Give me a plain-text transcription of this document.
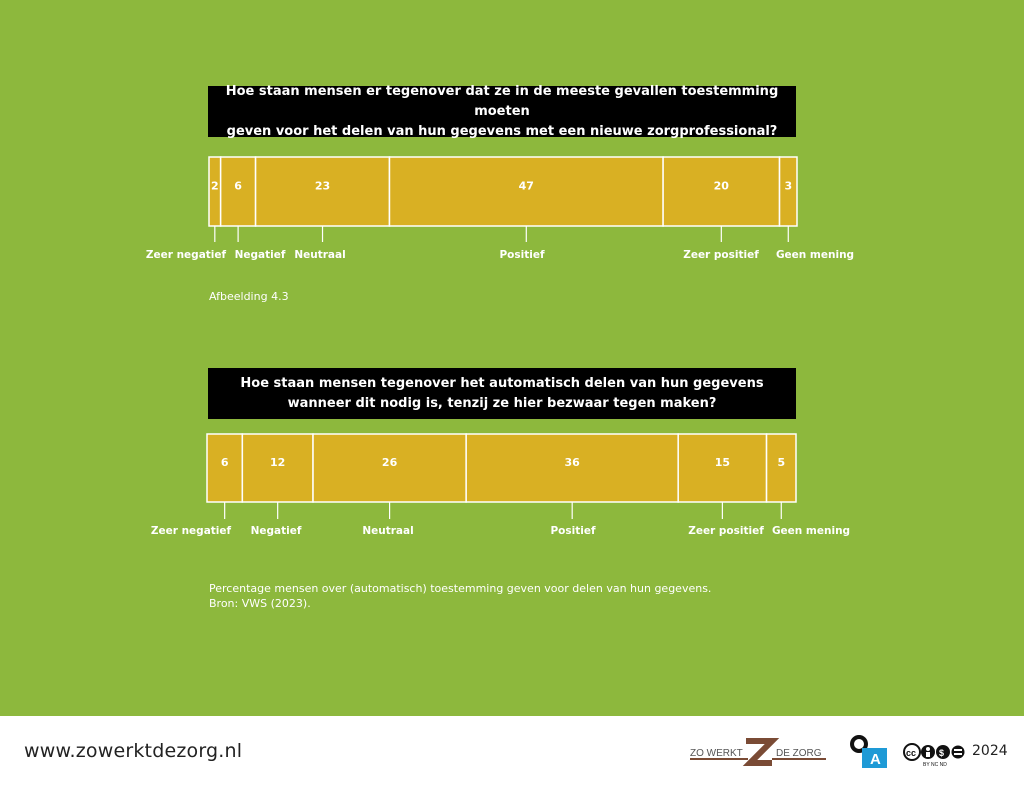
Hoe staan mensen er tegenover dat ze in de meeste gevallen toestemming moeten
geven voor het delen van hun gegevens met een nieuwe zorgprofessional?
2
Zeer negatief
6
Negatief
23
Neutraal
47
Positief
20
Zeer positief
3
Geen mening
Afbeelding 4.3
Hoe staan mensen tegenover het automatisch delen van hun gegevens
wanneer dit nodig is, tenzij ze hier bezwaar tegen maken?
6
Zeer negatief
12
Negatief
26
Neutraal
36
Positief
15
Zeer positief
5
Geen mening
Percentage mensen over (automatisch) toestemming geven voor delen van hun gegevens.
Bron: VWS (2023).
www.zowerktdezorg.nl	ZO WERKT	DE ZORG	A	cc	$
BY NC ND
2024
